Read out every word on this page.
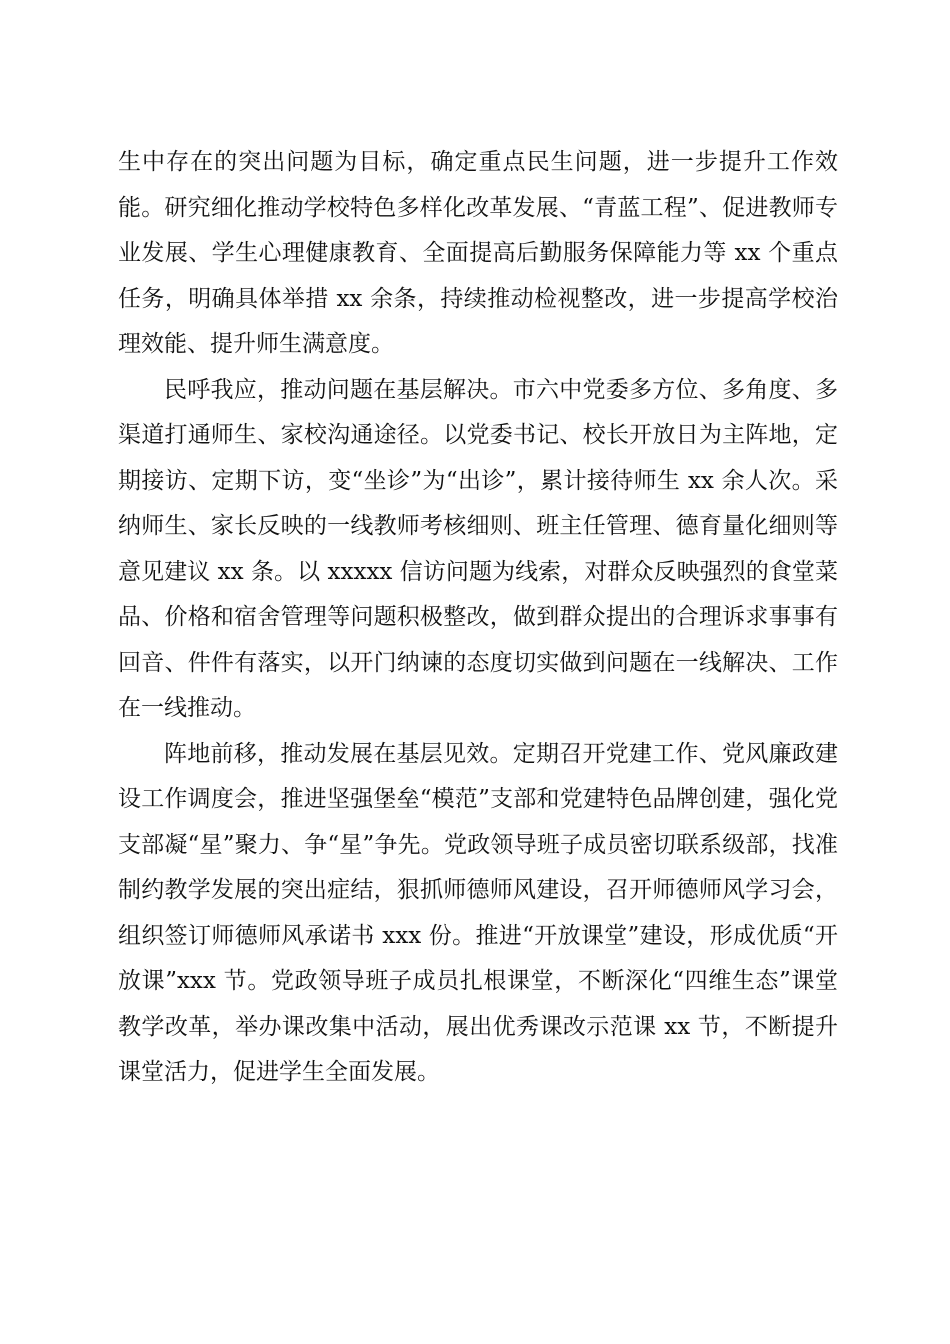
生中存在的突出问题为目标，确定重点民生问题，进一步提升工作效能。研究细化推动学校特色多样化改革发展、“青蓝工程”、促进教师专业发展、学生心理健康教育、全面提高后勤服务保障能力等 xx 个重点任务，明确具体举措 xx 余条，持续推动检视整改，进一步提高学校治理效能、提升师生满意度。

民呼我应，推动问题在基层解决。市六中党委多方位、多角度、多渠道打通师生、家校沟通途径。以党委书记、校长开放日为主阵地，定期接访、定期下访，变“坐诊”为“出诊”，累计接待师生 xx 余人次。采纳师生、家长反映的一线教师考核细则、班主任管理、德育量化细则等意见建议 xx 条。以 xxxxx 信访问题为线索，对群众反映强烈的食堂菜品、价格和宿舍管理等问题积极整改，做到群众提出的合理诉求事事有回音、件件有落实，以开门纳谏的态度切实做到问题在一线解决、工作在一线推动。

阵地前移，推动发展在基层见效。定期召开党建工作、党风廉政建设工作调度会，推进坚强堡垒“模范”支部和党建特色品牌创建，强化党支部凝“星”聚力、争“星”争先。党政领导班子成员密切联系级部，找准制约教学发展的突出症结，狠抓师德师风建设，召开师德师风学习会，组织签订师德师风承诺书 xxx 份。推进“开放课堂”建设，形成优质“开放课”xxx 节。党政领导班子成员扎根课堂，不断深化“四维生态”课堂教学改革，举办课改集中活动，展出优秀课改示范课 xx 节，不断提升课堂活力，促进学生全面发展。
